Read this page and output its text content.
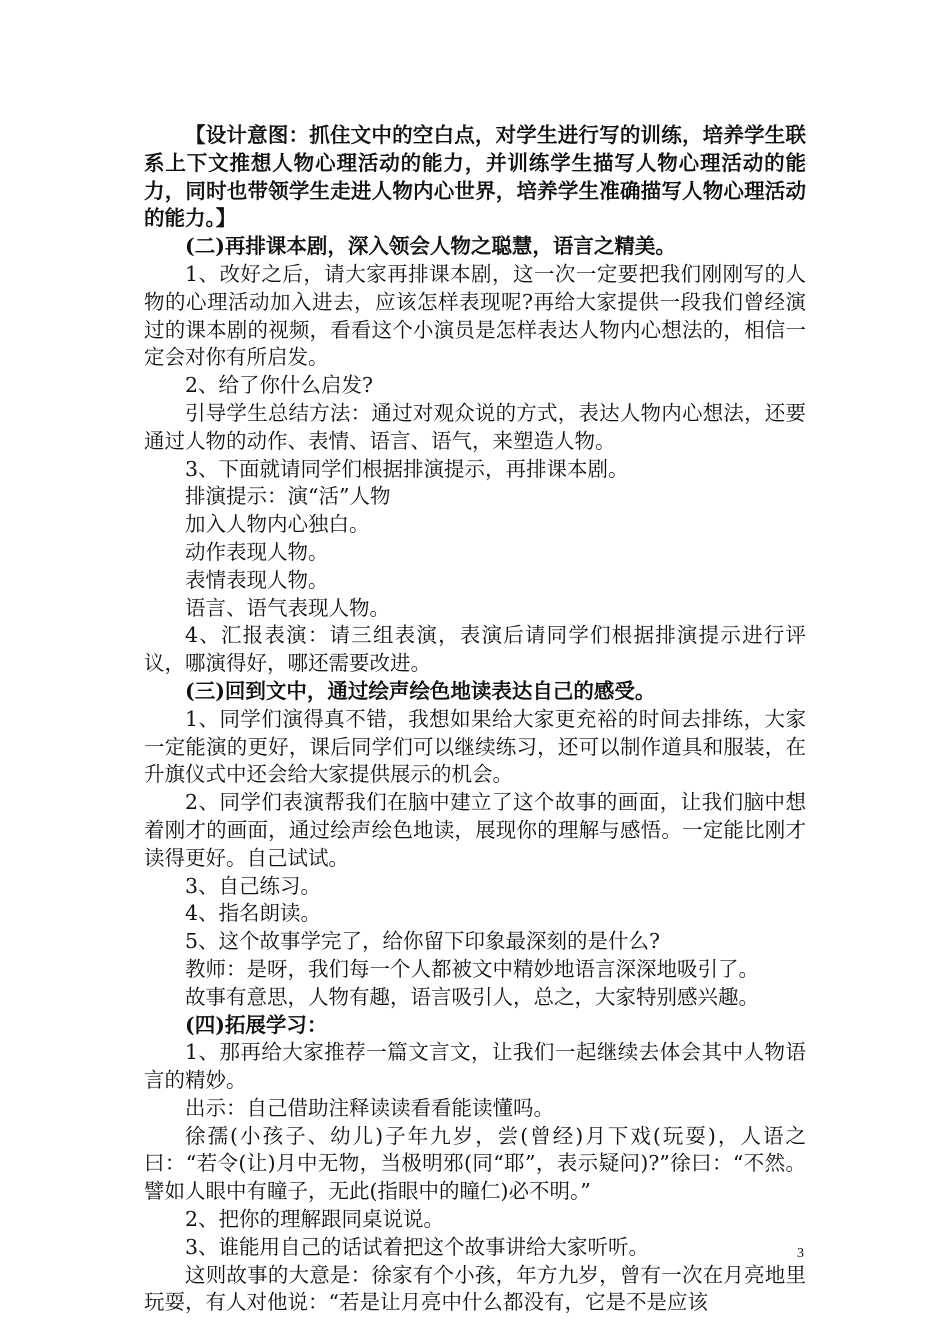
【设计意图：抓住文中的空白点，对学生进行写的训练，培养学生联系上下文推想人物心理活动的能力，并训练学生描写人物心理活动的能力，同时也带领学生走进人物内心世界，培养学生准确描写人物心理活动的能力。】

(二)再排课本剧，深入领会人物之聪慧，语言之精美。

1、改好之后，请大家再排课本剧，这一次一定要把我们刚刚写的人物的心理活动加入进去，应该怎样表现呢?再给大家提供一段我们曾经演过的课本剧的视频，看看这个小演员是怎样表达人物内心想法的，相信一定会对你有所启发。

2、给了你什么启发?

引导学生总结方法：通过对观众说的方式，表达人物内心想法，还要通过人物的动作、表情、语言、语气，来塑造人物。

3、下面就请同学们根据排演提示，再排课本剧。

排演提示：演“活”人物

加入人物内心独白。

动作表现人物。

表情表现人物。

语言、语气表现人物。

4、汇报表演：请三组表演，表演后请同学们根据排演提示进行评议，哪演得好，哪还需要改进。

(三)回到文中，通过绘声绘色地读表达自己的感受。

1、同学们演得真不错，我想如果给大家更充裕的时间去排练，大家一定能演的更好，课后同学们可以继续练习，还可以制作道具和服装，在升旗仪式中还会给大家提供展示的机会。

2、同学们表演帮我们在脑中建立了这个故事的画面，让我们脑中想着刚才的画面，通过绘声绘色地读，展现你的理解与感悟。一定能比刚才读得更好。自己试试。

3、自己练习。

4、指名朗读。

5、这个故事学完了，给你留下印象最深刻的是什么?

教师：是呀，我们每一个人都被文中精妙地语言深深地吸引了。

故事有意思，人物有趣，语言吸引人，总之，大家特别感兴趣。

(四)拓展学习：

1、那再给大家推荐一篇文言文，让我们一起继续去体会其中人物语言的精妙。

出示：自己借助注释读读看看能读懂吗。

徐孺(小孩子、幼儿)子年九岁，尝(曾经)月下戏(玩耍)，人语之曰：“若令(让)月中无物，当极明邪(同“耶”，表示疑问)?”徐曰：“不然。譬如人眼中有瞳子，无此(指眼中的瞳仁)必不明。”

2、把你的理解跟同桌说说。

3、谁能用自己的话试着把这个故事讲给大家听听。

这则故事的大意是：徐家有个小孩，年方九岁，曾有一次在月亮地里玩耍，有人对他说：“若是让月亮中什么都没有，它是不是应该

3
